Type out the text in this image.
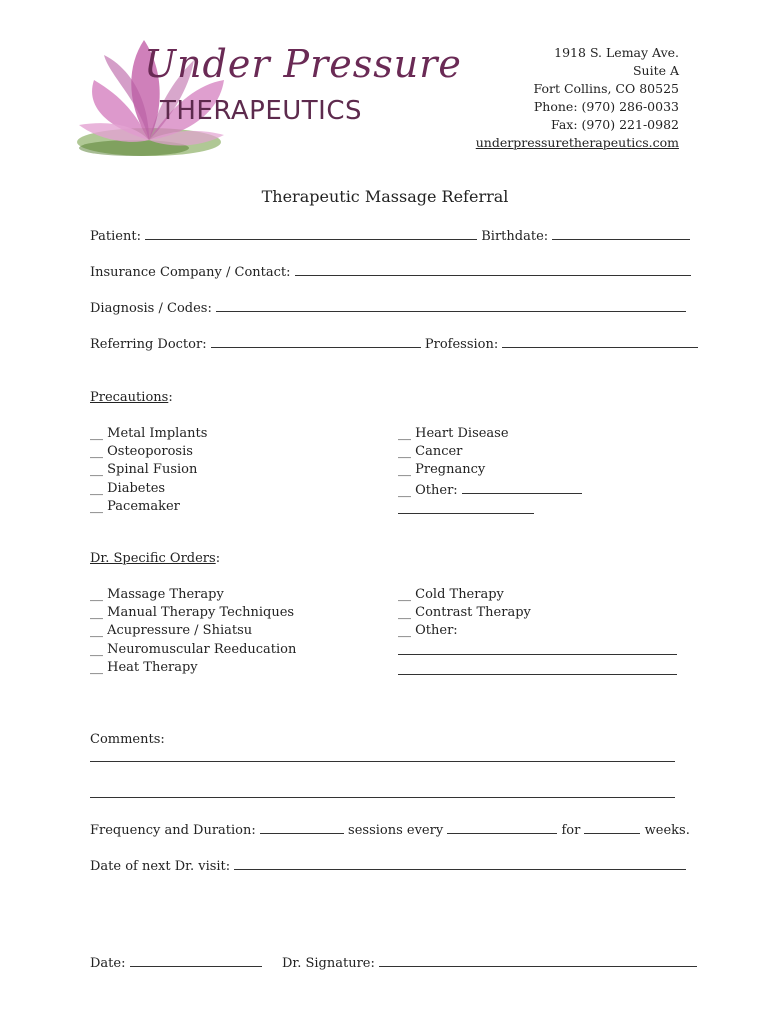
Under Pressure
THERAPEUTICS
1918 S. Lemay Ave.
Suite A
Fort Collins, CO 80525
Phone: (970) 286-0033
Fax: (970) 221-0982
underpressuretherapeutics.com
Therapeutic Massage Referral
Patient:	Birthdate:
Insurance Company / Contact:
Diagnosis / Codes:
Referring Doctor:	Profession:
Precautions:
__ Metal Implants
__ Osteoporosis
__ Spinal Fusion
__ Diabetes
__ Pacemaker
__ Heart Disease
__ Cancer
__ Pregnancy
__ Other:
Dr. Specific Orders:
__ Massage Therapy
__ Manual Therapy Techniques
__ Acupressure / Shiatsu
__ Neuromuscular Reeducation
__ Heat Therapy
__ Cold Therapy
__ Contrast Therapy
__ Other:
Comments:
Frequency and Duration:	sessions every	for	weeks.
Date of next Dr. visit:
Date:	Dr. Signature:
